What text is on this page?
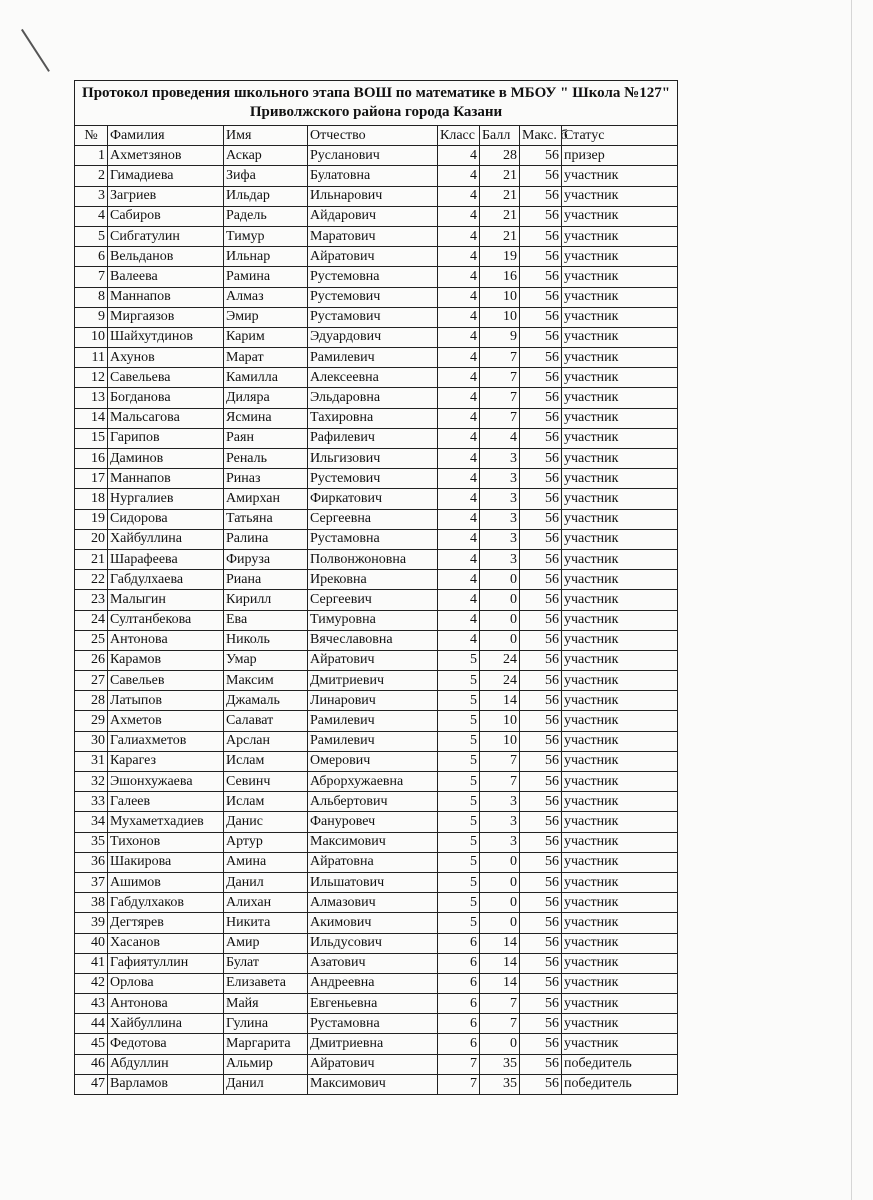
Протокол проведения школьного этапа ВОШ по математике в МБОУ " Школа №127" Приволжского района города Казани							
№	Фамилия	Имя	Отчество	Класс	Балл	Макс. б	Статус
1	Ахметзянов	Аскар	Русланович	4	28	56	призер
2	Гимадиева	Зифа	Булатовна	4	21	56	участник
3	Загриев	Ильдар	Ильнарович	4	21	56	участник
4	Сабиров	Радель	Айдарович	4	21	56	участник
5	Сибгатулин	Тимур	Маратович	4	21	56	участник
6	Вельданов	Ильнар	Айратович	4	19	56	участник
7	Валеева	Рамина	Рустемовна	4	16	56	участник
8	Маннапов	Алмаз	Рустемович	4	10	56	участник
9	Миргаязов	Эмир	Рустамович	4	10	56	участник
10	Шайхутдинов	Карим	Эдуардович	4	9	56	участник
11	Ахунов	Марат	Рамилевич	4	7	56	участник
12	Савельева	Камилла	Алексеевна	4	7	56	участник
13	Богданова	Диляра	Эльдаровна	4	7	56	участник
14	Мальсагова	Ясмина	Тахировна	4	7	56	участник
15	Гарипов	Раян	Рафилевич	4	4	56	участник
16	Даминов	Реналь	Ильгизович	4	3	56	участник
17	Маннапов	Риназ	Рустемович	4	3	56	участник
18	Нургалиев	Амирхан	Фиркатович	4	3	56	участник
19	Сидорова	Татьяна	Сергеевна	4	3	56	участник
20	Хайбуллина	Ралина	Рустамовна	4	3	56	участник
21	Шарафеева	Фируза	Полвонжоновна	4	3	56	участник
22	Габдулхаева	Риана	Ирековна	4	0	56	участник
23	Малыгин	Кирилл	Сергеевич	4	0	56	участник
24	Султанбекова	Ева	Тимуровна	4	0	56	участник
25	Антонова	Николь	Вячеславовна	4	0	56	участник
26	Карамов	Умар	Айратович	5	24	56	участник
27	Савельев	Максим	Дмитриевич	5	24	56	участник
28	Латыпов	Джамаль	Линарович	5	14	56	участник
29	Ахметов	Салават	Рамилевич	5	10	56	участник
30	Галиахметов	Арслан	Рамилевич	5	10	56	участник
31	Карагез	Ислам	Омерович	5	7	56	участник
32	Эшонхужаева	Севинч	Аброрхужаевна	5	7	56	участник
33	Галеев	Ислам	Альбертович	5	3	56	участник
34	Мухаметхадиев	Данис	Фануровеч	5	3	56	участник
35	Тихонов	Артур	Максимович	5	3	56	участник
36	Шакирова	Амина	Айратовна	5	0	56	участник
37	Ашимов	Данил	Ильшатович	5	0	56	участник
38	Габдулхаков	Алихан	Алмазович	5	0	56	участник
39	Дегтярев	Никита	Акимович	5	0	56	участник
40	Хасанов	Амир	Ильдусович	6	14	56	участник
41	Гафиятуллин	Булат	Азатович	6	14	56	участник
42	Орлова	Елизавета	Андреевна	6	14	56	участник
43	Антонова	Майя	Евгеньевна	6	7	56	участник
44	Хайбуллина	Гулина	Рустамовна	6	7	56	участник
45	Федотова	Маргарита	Дмитриевна	6	0	56	участник
46	Абдуллин	Альмир	Айратович	7	35	56	победитель
47	Варламов	Данил	Максимович	7	35	56	победитель
